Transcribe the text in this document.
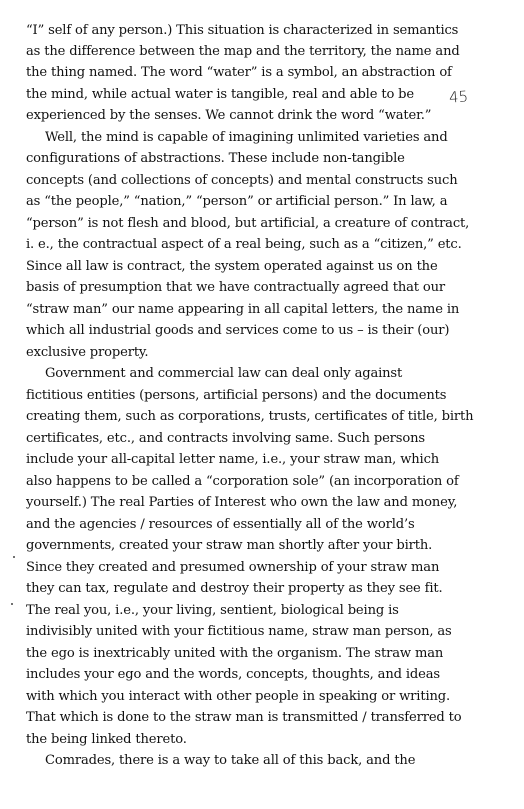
45
“I” self of any person.) This situation is characterized in semantics
as the difference between the map and the territory, the name and
the thing named. The word “water” is a symbol, an abstraction of
the mind, while actual water is tangible, real and able to be
experienced by the senses. We cannot drink the word “water.”
Well, the mind is capable of imagining unlimited varieties and
configurations of abstractions. These include non-tangible
concepts (and collections of concepts) and mental constructs such
as “the people,” “nation,” “person” or artificial person.” In law, a
“person” is not flesh and blood, but artificial, a creature of contract,
i. e., the contractual aspect of a real being, such as a “citizen,” etc.
Since all law is contract, the system operated against us on the
basis of presumption that we have contractually agreed that our
“straw man” our name appearing in all capital letters, the name in
which all industrial goods and services come to us – is their (our)
exclusive property.
Government and commercial law can deal only against
fictitious entities (persons, artificial persons) and the documents
creating them, such as corporations, trusts, certificates of title, birth
certificates, etc., and contracts involving same. Such persons
include your all-capital letter name, i.e., your straw man, which
also happens to be called a “corporation sole” (an incorporation of
yourself.) The real Parties of Interest who own the law and money,
and the agencies / resources of essentially all of the world’s
governments, created your straw man shortly after your birth.
Since they created and presumed ownership of your straw man
they can tax, regulate and destroy their property as they see fit.
The real you, i.e., your living, sentient, biological being is
indivisibly united with your fictitious name, straw man person, as
the ego is inextricably united with the organism. The straw man
includes your ego and the words, concepts, thoughts, and ideas
with which you interact with other people in speaking or writing.
That which is done to the straw man is transmitted / transferred to
the being linked thereto.
Comrades, there is a way to take all of this back, and the
